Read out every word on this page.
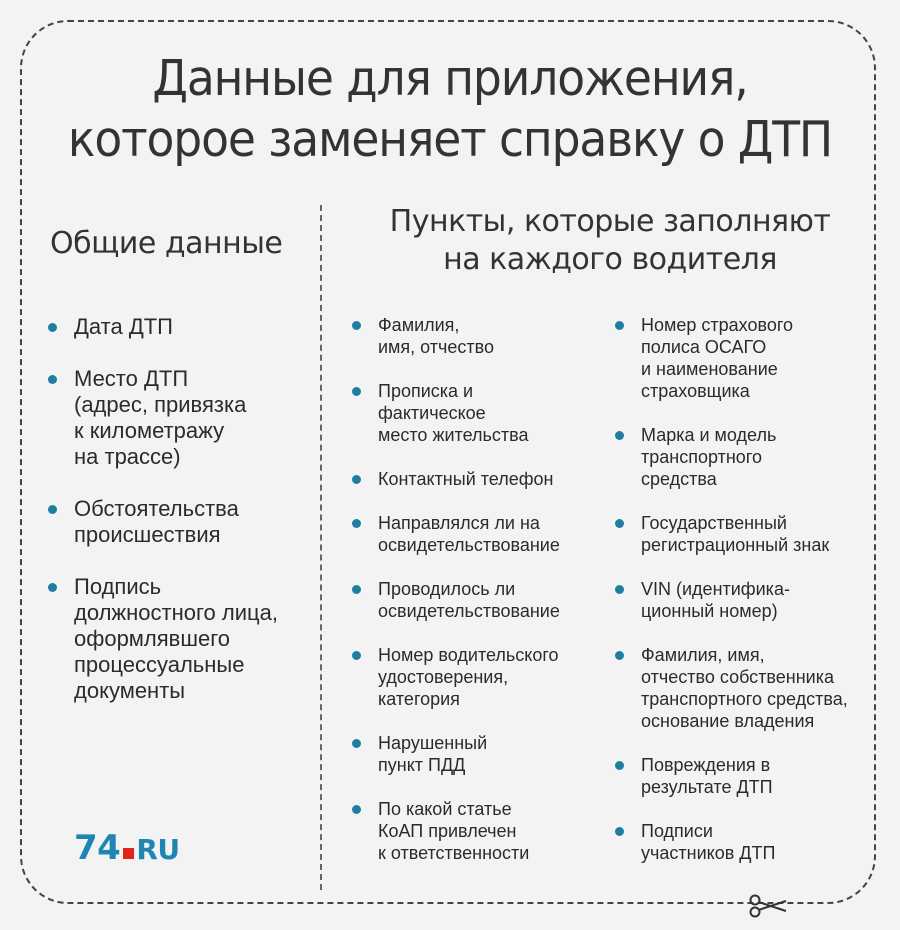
Данные для приложения,
которое заменяет справку о ДТП
Общие данные
Пункты, которые заполняют
на каждого водителя
Дата ДТП
Место ДТП
(адрес, привязка
к километражу
на трассе)
Обстоятельства
происшествия
Подпись
должностного лица,
оформлявшего
процессуальные
документы
Фамилия,
имя, отчество
Прописка и
фактическое
место жительства
Контактный телефон
Направлялся ли на
освидетельствование
Проводилось ли
освидетельствование
Номер водительского
удостоверения,
категория
Нарушенный
пункт ПДД
По какой статье
КоАП привлечен
к ответственности
Номер страхового
полиса ОСАГО
и наименование
страховщика
Марка и модель
транспортного
средства
Государственный
регистрационный знак
VIN (идентифика-
ционный номер)
Фамилия, имя,
отчество собственника
транспортного средства,
основание владения
Повреждения в
результате ДТП
Подписи
участников ДТП
74 RU
